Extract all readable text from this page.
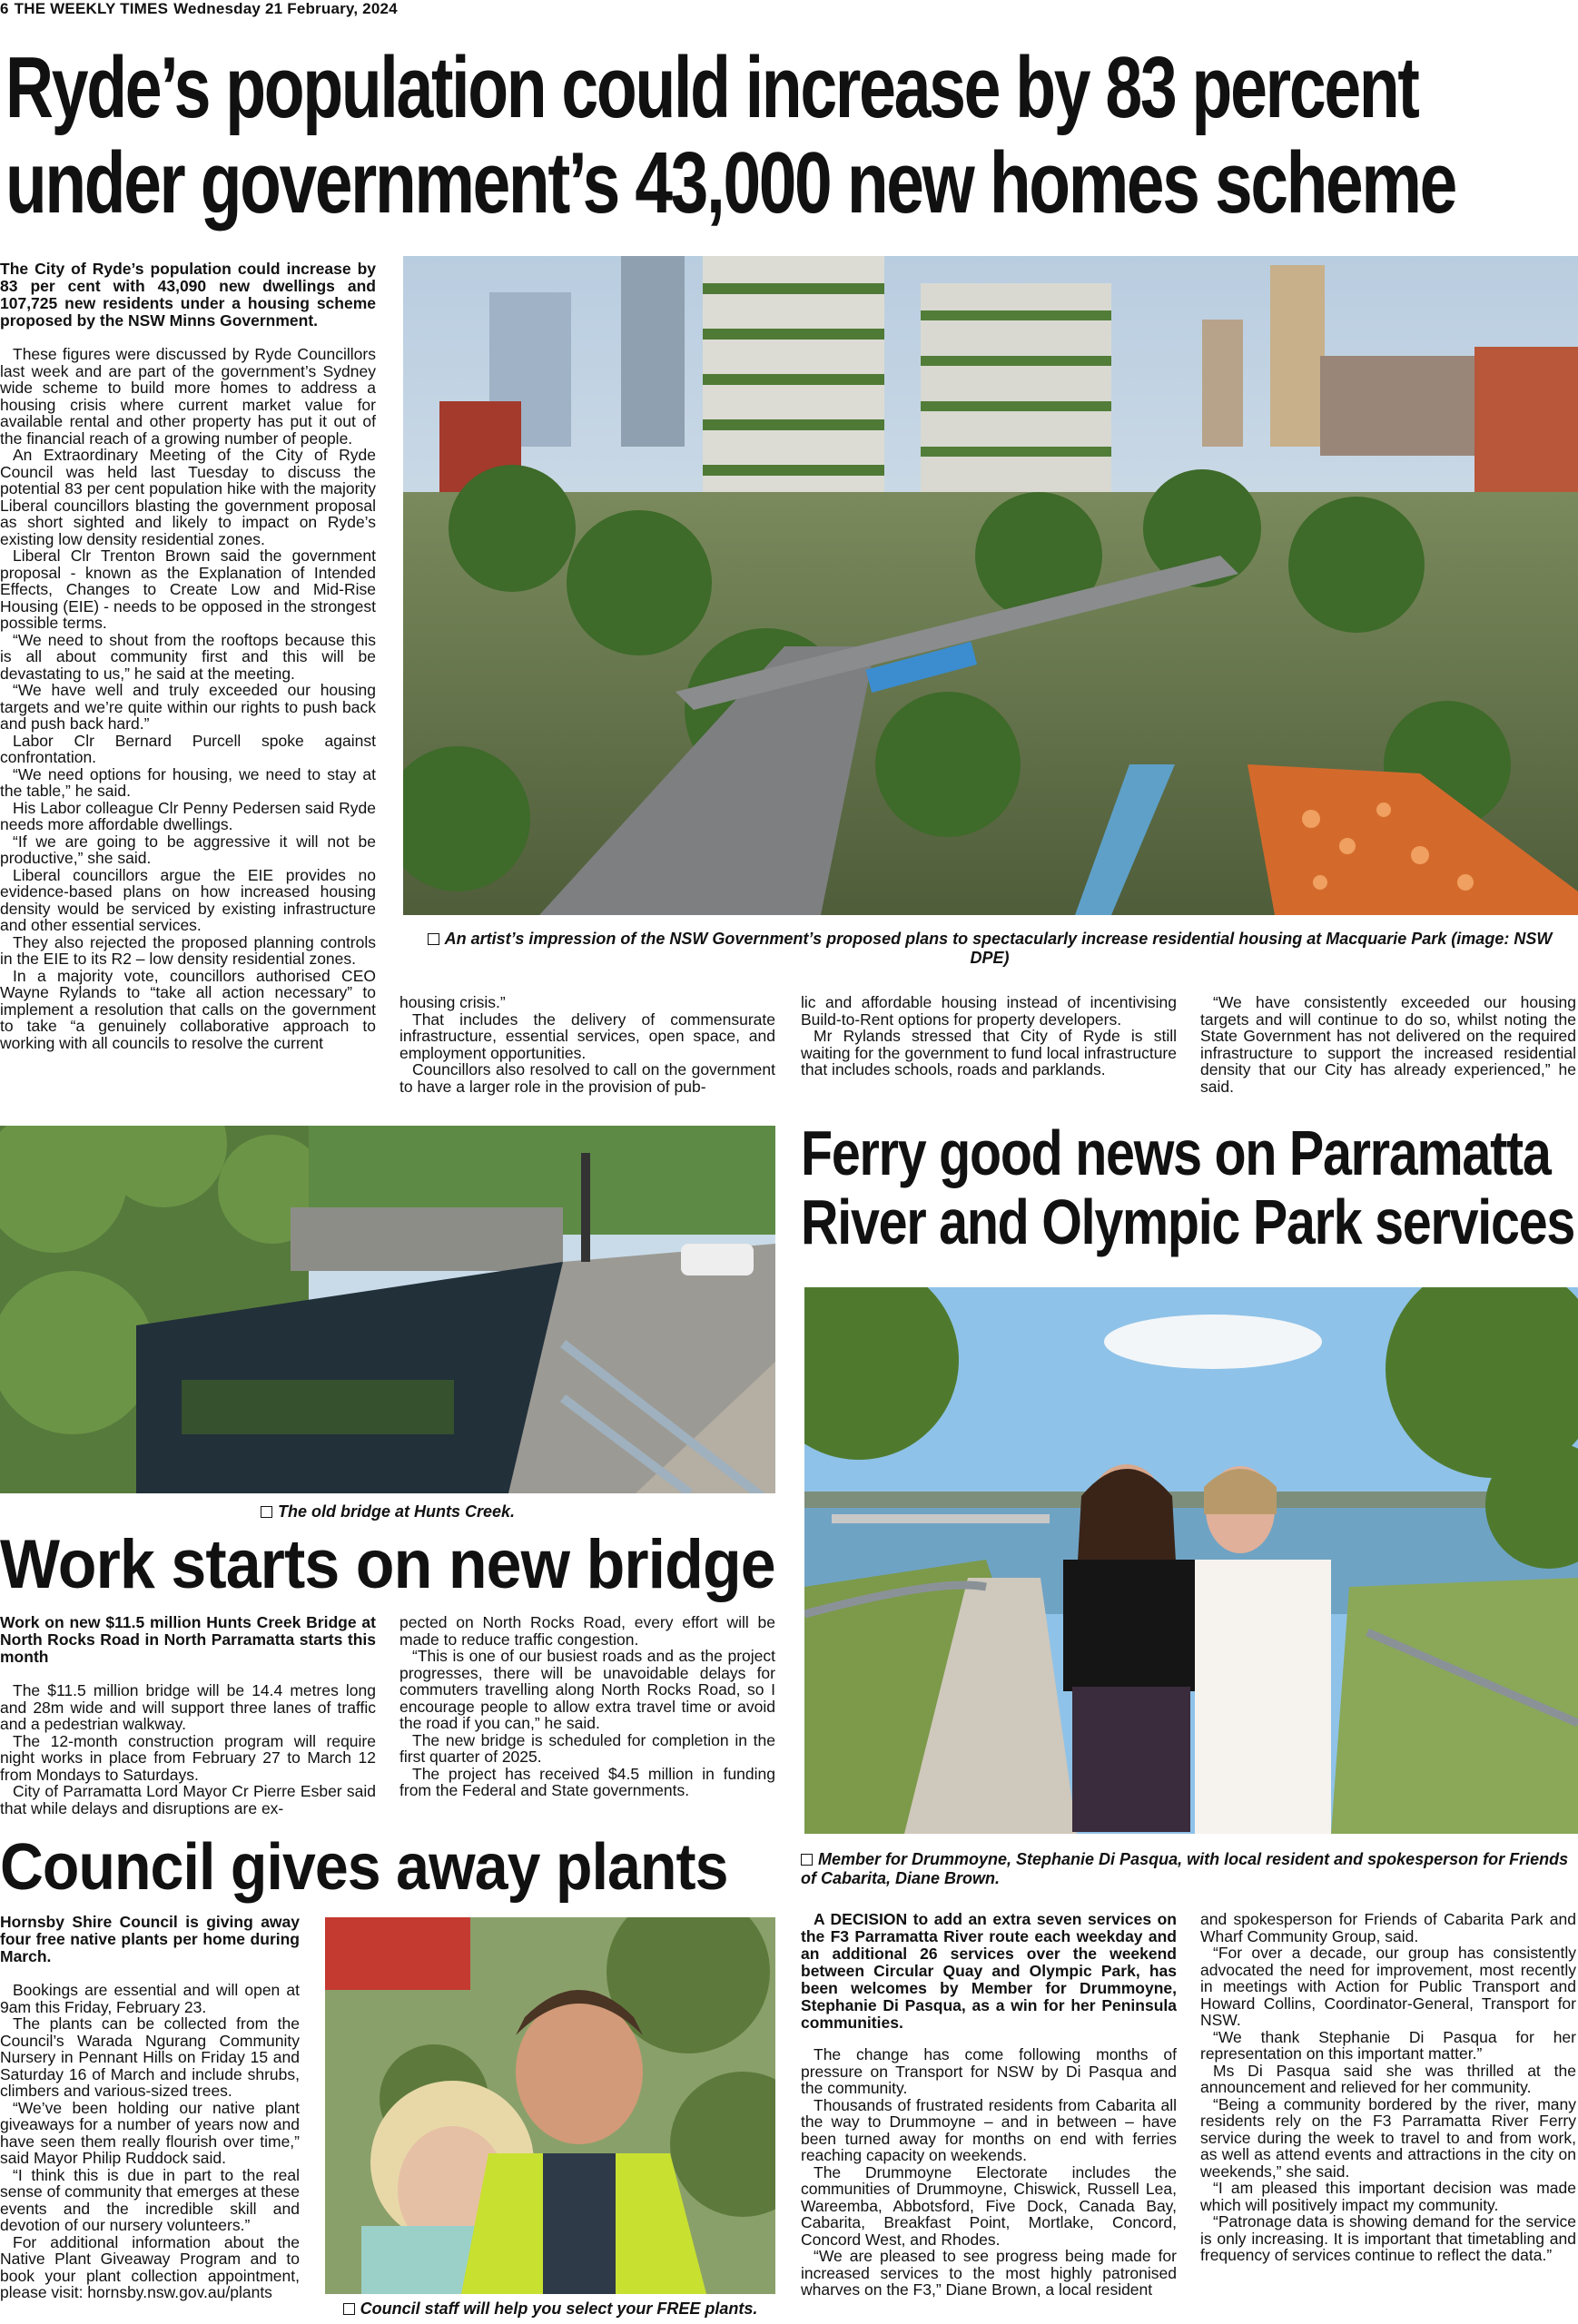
6 THE WEEKLY TIMES Wednesday 21 February, 2024
Ryde’s population could increase by 83 percent
under government’s 43,000 new homes scheme

The City of Ryde’s population could increase by 83 per cent with 43,090 new dwellings and 107,725 new residents under a housing scheme proposed by the NSW Minns Government.

These figures were discussed by Ryde Councillors last week and are part of the government’s Sydney wide scheme to build more homes to address a housing crisis where current market value for available rental and other property has put it out of the financial reach of a growing number of people.

An Extraordinary Meeting of the City of Ryde Council was held last Tuesday to discuss the potential 83 per cent population hike with the majority Liberal councillors blasting the government proposal as short sighted and likely to impact on Ryde’s existing low density residential zones.

Liberal Clr Trenton Brown said the government proposal - known as the Explanation of Intended Effects, Changes to Create Low and Mid-Rise Housing (EIE) - needs to be opposed in the strongest possible terms.

“We need to shout from the rooftops because this is all about community first and this will be devastating to us,” he said at the meeting.

“We have well and truly exceeded our housing targets and we’re quite within our rights to push back and push back hard.”

Labor Clr Bernard Purcell spoke against confrontation.

“We need options for housing, we need to stay at the table,” he said.

His Labor colleague Clr Penny Pedersen said Ryde needs more affordable dwellings.

“If we are going to be aggressive it will not be productive,” she said.

Liberal councillors argue the EIE provides no evidence-based plans on how increased housing density would be serviced by existing infrastructure and other essential services.

They also rejected the proposed planning controls in the EIE to its R2 – low density residential zones.

In a majority vote, councillors authorised CEO Wayne Rylands to “take all action necessary” to implement a resolution that calls on the government to take “a genuinely collaborative approach to working with all councils to resolve the current

An artist’s impression of the NSW Government’s proposed plans to spectacularly increase residential housing at Macquarie Park (image: NSW DPE)

housing crisis.”

That includes the delivery of commensurate infrastructure, essential services, open space, and employment opportunities.

Councillors also resolved to call on the government to have a larger role in the provision of pub-

lic and affordable housing instead of incentivising Build-to-Rent options for property developers.

Mr Rylands stressed that City of Ryde is still waiting for the government to fund local infrastructure that includes schools, roads and parklands.

“We have consistently exceeded our housing targets and will continue to do so, whilst noting the State Government has not delivered on the required infrastructure to support the increased residential density that our City has already experienced,” he said.

The old bridge at Hunts Creek.
Work starts on new bridge

Work on new $11.5 million Hunts Creek Bridge at North Rocks Road in North Parramatta starts this month

The $11.5 million bridge will be 14.4 metres long and 28m wide and will support three lanes of traffic and a pedestrian walkway.

The 12-month construction program will require night works in place from February 27 to March 12 from Mondays to Saturdays.

City of Parramatta Lord Mayor Cr Pierre Esber said that while delays and disruptions are ex-

pected on North Rocks Road, every effort will be made to reduce traffic congestion.

“This is one of our busiest roads and as the project progresses, there will be unavoidable delays for commuters travelling along North Rocks Road, so I encourage people to allow extra travel time or avoid the road if you can,” he said.

The new bridge is scheduled for completion in the first quarter of 2025.

The project has received $4.5 million in funding from the Federal and State governments.

Council gives away plants

Hornsby Shire Council is giving away four free native plants per home during March.

Bookings are essential and will open at 9am this Friday, February 23.

The plants can be collected from the Council’s Warada Ngurang Community Nursery in Pennant Hills on Friday 15 and Saturday 16 of March and include shrubs, climbers and various-sized trees.

“We’ve been holding our native plant giveaways for a number of years now and have seen them really flourish over time,” said Mayor Philip Ruddock said.

“I think this is due in part to the real sense of community that emerges at these events and the incredible skill and devotion of our nursery volunteers.”

For additional information about the Native Plant Giveaway Program and to book your plant collection appointment, please visit: hornsby.nsw.gov.au/plants

Council staff will help you select your FREE plants.
Ferry good news on Parramatta
River and Olympic Park services
Member for Drummoyne, Stephanie Di Pasqua, with local resident and spokesperson for Friends of Cabarita, Diane Brown.

A DECISION to add an extra seven services on the F3 Parramatta River route each weekday and an additional 26 services over the weekend between Circular Quay and Olympic Park, has been welcomes by Member for Drummoyne, Stephanie Di Pasqua, as a win for her Peninsula communities.

The change has come following months of pressure on Transport for NSW by Di Pasqua and the community.

Thousands of frustrated residents from Cabarita all the way to Drummoyne – and in between – have been turned away for months on end with ferries reaching capacity on weekends.

The Drummoyne Electorate includes the communities of Drummoyne, Chiswick, Russell Lea, Wareemba, Abbotsford, Five Dock, Canada Bay, Cabarita, Breakfast Point, Mortlake, Concord, Concord West, and Rhodes.

“We are pleased to see progress being made for increased services to the most highly patronised wharves on the F3,” Diane Brown, a local resident

and spokesperson for Friends of Cabarita Park and Wharf Community Group, said.

“For over a decade, our group has consistently advocated the need for improvement, most recently in meetings with Action for Public Transport and Howard Collins, Coordinator-General, Transport for NSW.

“We thank Stephanie Di Pasqua for her representation on this important matter.”

Ms Di Pasqua said she was thrilled at the announcement and relieved for her community.

“Being a community bordered by the river, many residents rely on the F3 Parramatta River Ferry service during the week to travel to and from work, as well as attend events and attractions in the city on weekends,” she said.

“I am pleased this important decision was made which will positively impact my community.

“Patronage data is showing demand for the service is only increasing. It is important that timetabling and frequency of services continue to reflect the data.”
